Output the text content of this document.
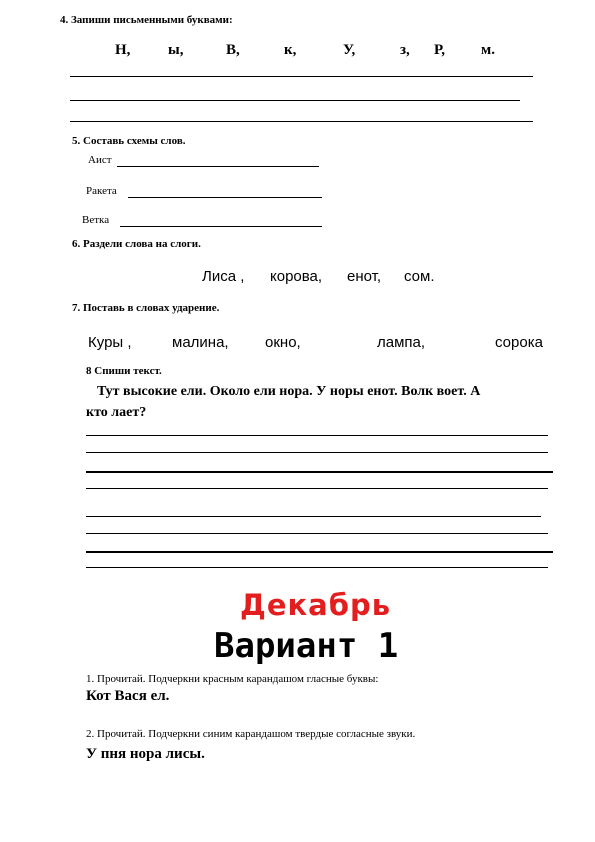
4. Запиши письменными буквами:
Н,	ы,	В,	к,	У,	з, Р, м.
5. Составь схемы слов.
Аист
Ракета
Ветка
6. Раздели слова на слоги.
Лиса , корова, енот, сом.
7. Поставь в словах ударение.
Куры ,	малина, окно,	лампа,	сорока
8 Спиши текст.
Тут высокие ели. Около ели нора. У норы енот. Волк воет. А
кто лает?
Декабрь
Вариант 1
1. Прочитай. Подчеркни красным карандашом гласные буквы:
Кот Вася ел.
2. Прочитай. Подчеркни синим карандашом твердые согласные звуки.
У пня нора лисы.
